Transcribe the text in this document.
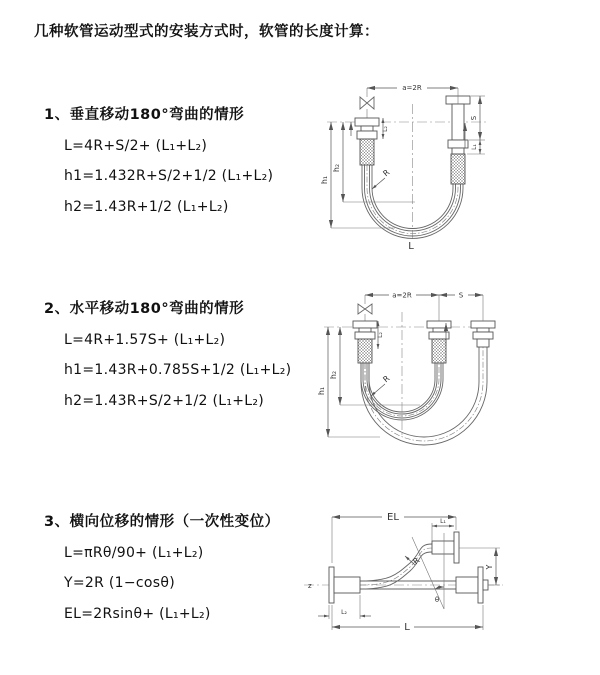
几种软管运动型式的安装方式时，软管的长度计算：
1、垂直移动180°弯曲的情形
L=4R+S/2+ (L₁+L₂)
h1=1.432R+S/2+1/2 (L₁+L₂)
h2=1.43R+1/2 (L₁+L₂)
2、水平移动180°弯曲的情形
L=4R+1.57S+ (L₁+L₂)
h1=1.43R+0.785S+1/2 (L₁+L₂)
h2=1.43R+S/2+1/2 (L₁+L₂)
3、横向位移的情形（一次性变位）
L=πRθ/90+ (L₁+L₂)
Y=2R (1−cosθ)
EL=2Rsinθ+ (L₁+L₂)
a=2R
h₁
h₂
S
L₁
L₂
R
L
a=2R	S
h₁
h₂
L₂
R
z
θ
EL	L₁
Y
R
L
L₂
